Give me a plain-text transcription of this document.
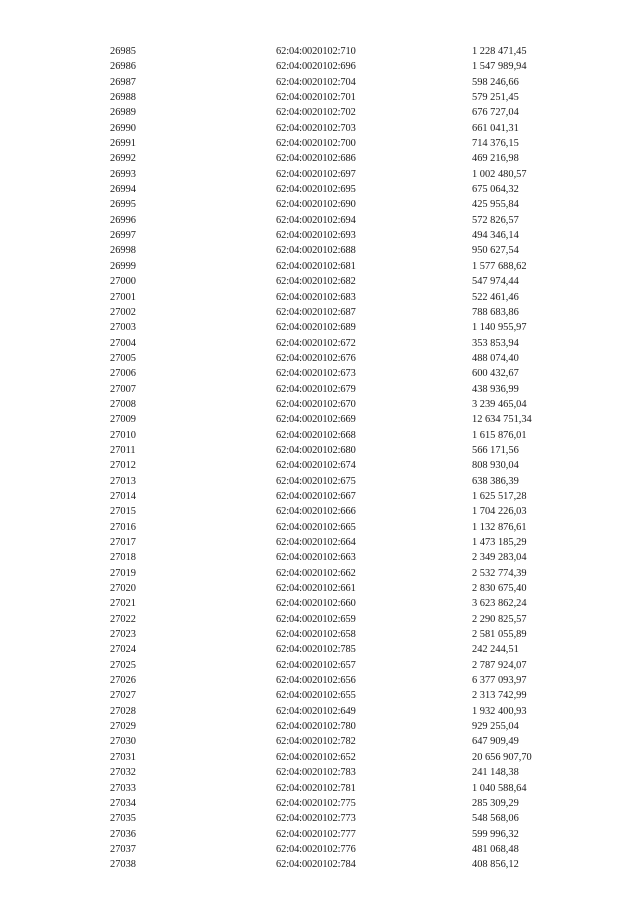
26985	62:04:0020102:710	1 228 471,45
26986	62:04:0020102:696	1 547 989,94
26987	62:04:0020102:704	598 246,66
26988	62:04:0020102:701	579 251,45
26989	62:04:0020102:702	676 727,04
26990	62:04:0020102:703	661 041,31
26991	62:04:0020102:700	714 376,15
26992	62:04:0020102:686	469 216,98
26993	62:04:0020102:697	1 002 480,57
26994	62:04:0020102:695	675 064,32
26995	62:04:0020102:690	425 955,84
26996	62:04:0020102:694	572 826,57
26997	62:04:0020102:693	494 346,14
26998	62:04:0020102:688	950 627,54
26999	62:04:0020102:681	1 577 688,62
27000	62:04:0020102:682	547 974,44
27001	62:04:0020102:683	522 461,46
27002	62:04:0020102:687	788 683,86
27003	62:04:0020102:689	1 140 955,97
27004	62:04:0020102:672	353 853,94
27005	62:04:0020102:676	488 074,40
27006	62:04:0020102:673	600 432,67
27007	62:04:0020102:679	438 936,99
27008	62:04:0020102:670	3 239 465,04
27009	62:04:0020102:669	12 634 751,34
27010	62:04:0020102:668	1 615 876,01
27011	62:04:0020102:680	566 171,56
27012	62:04:0020102:674	808 930,04
27013	62:04:0020102:675	638 386,39
27014	62:04:0020102:667	1 625 517,28
27015	62:04:0020102:666	1 704 226,03
27016	62:04:0020102:665	1 132 876,61
27017	62:04:0020102:664	1 473 185,29
27018	62:04:0020102:663	2 349 283,04
27019	62:04:0020102:662	2 532 774,39
27020	62:04:0020102:661	2 830 675,40
27021	62:04:0020102:660	3 623 862,24
27022	62:04:0020102:659	2 290 825,57
27023	62:04:0020102:658	2 581 055,89
27024	62:04:0020102:785	242 244,51
27025	62:04:0020102:657	2 787 924,07
27026	62:04:0020102:656	6 377 093,97
27027	62:04:0020102:655	2 313 742,99
27028	62:04:0020102:649	1 932 400,93
27029	62:04:0020102:780	929 255,04
27030	62:04:0020102:782	647 909,49
27031	62:04:0020102:652	20 656 907,70
27032	62:04:0020102:783	241 148,38
27033	62:04:0020102:781	1 040 588,64
27034	62:04:0020102:775	285 309,29
27035	62:04:0020102:773	548 568,06
27036	62:04:0020102:777	599 996,32
27037	62:04:0020102:776	481 068,48
27038	62:04:0020102:784	408 856,12
